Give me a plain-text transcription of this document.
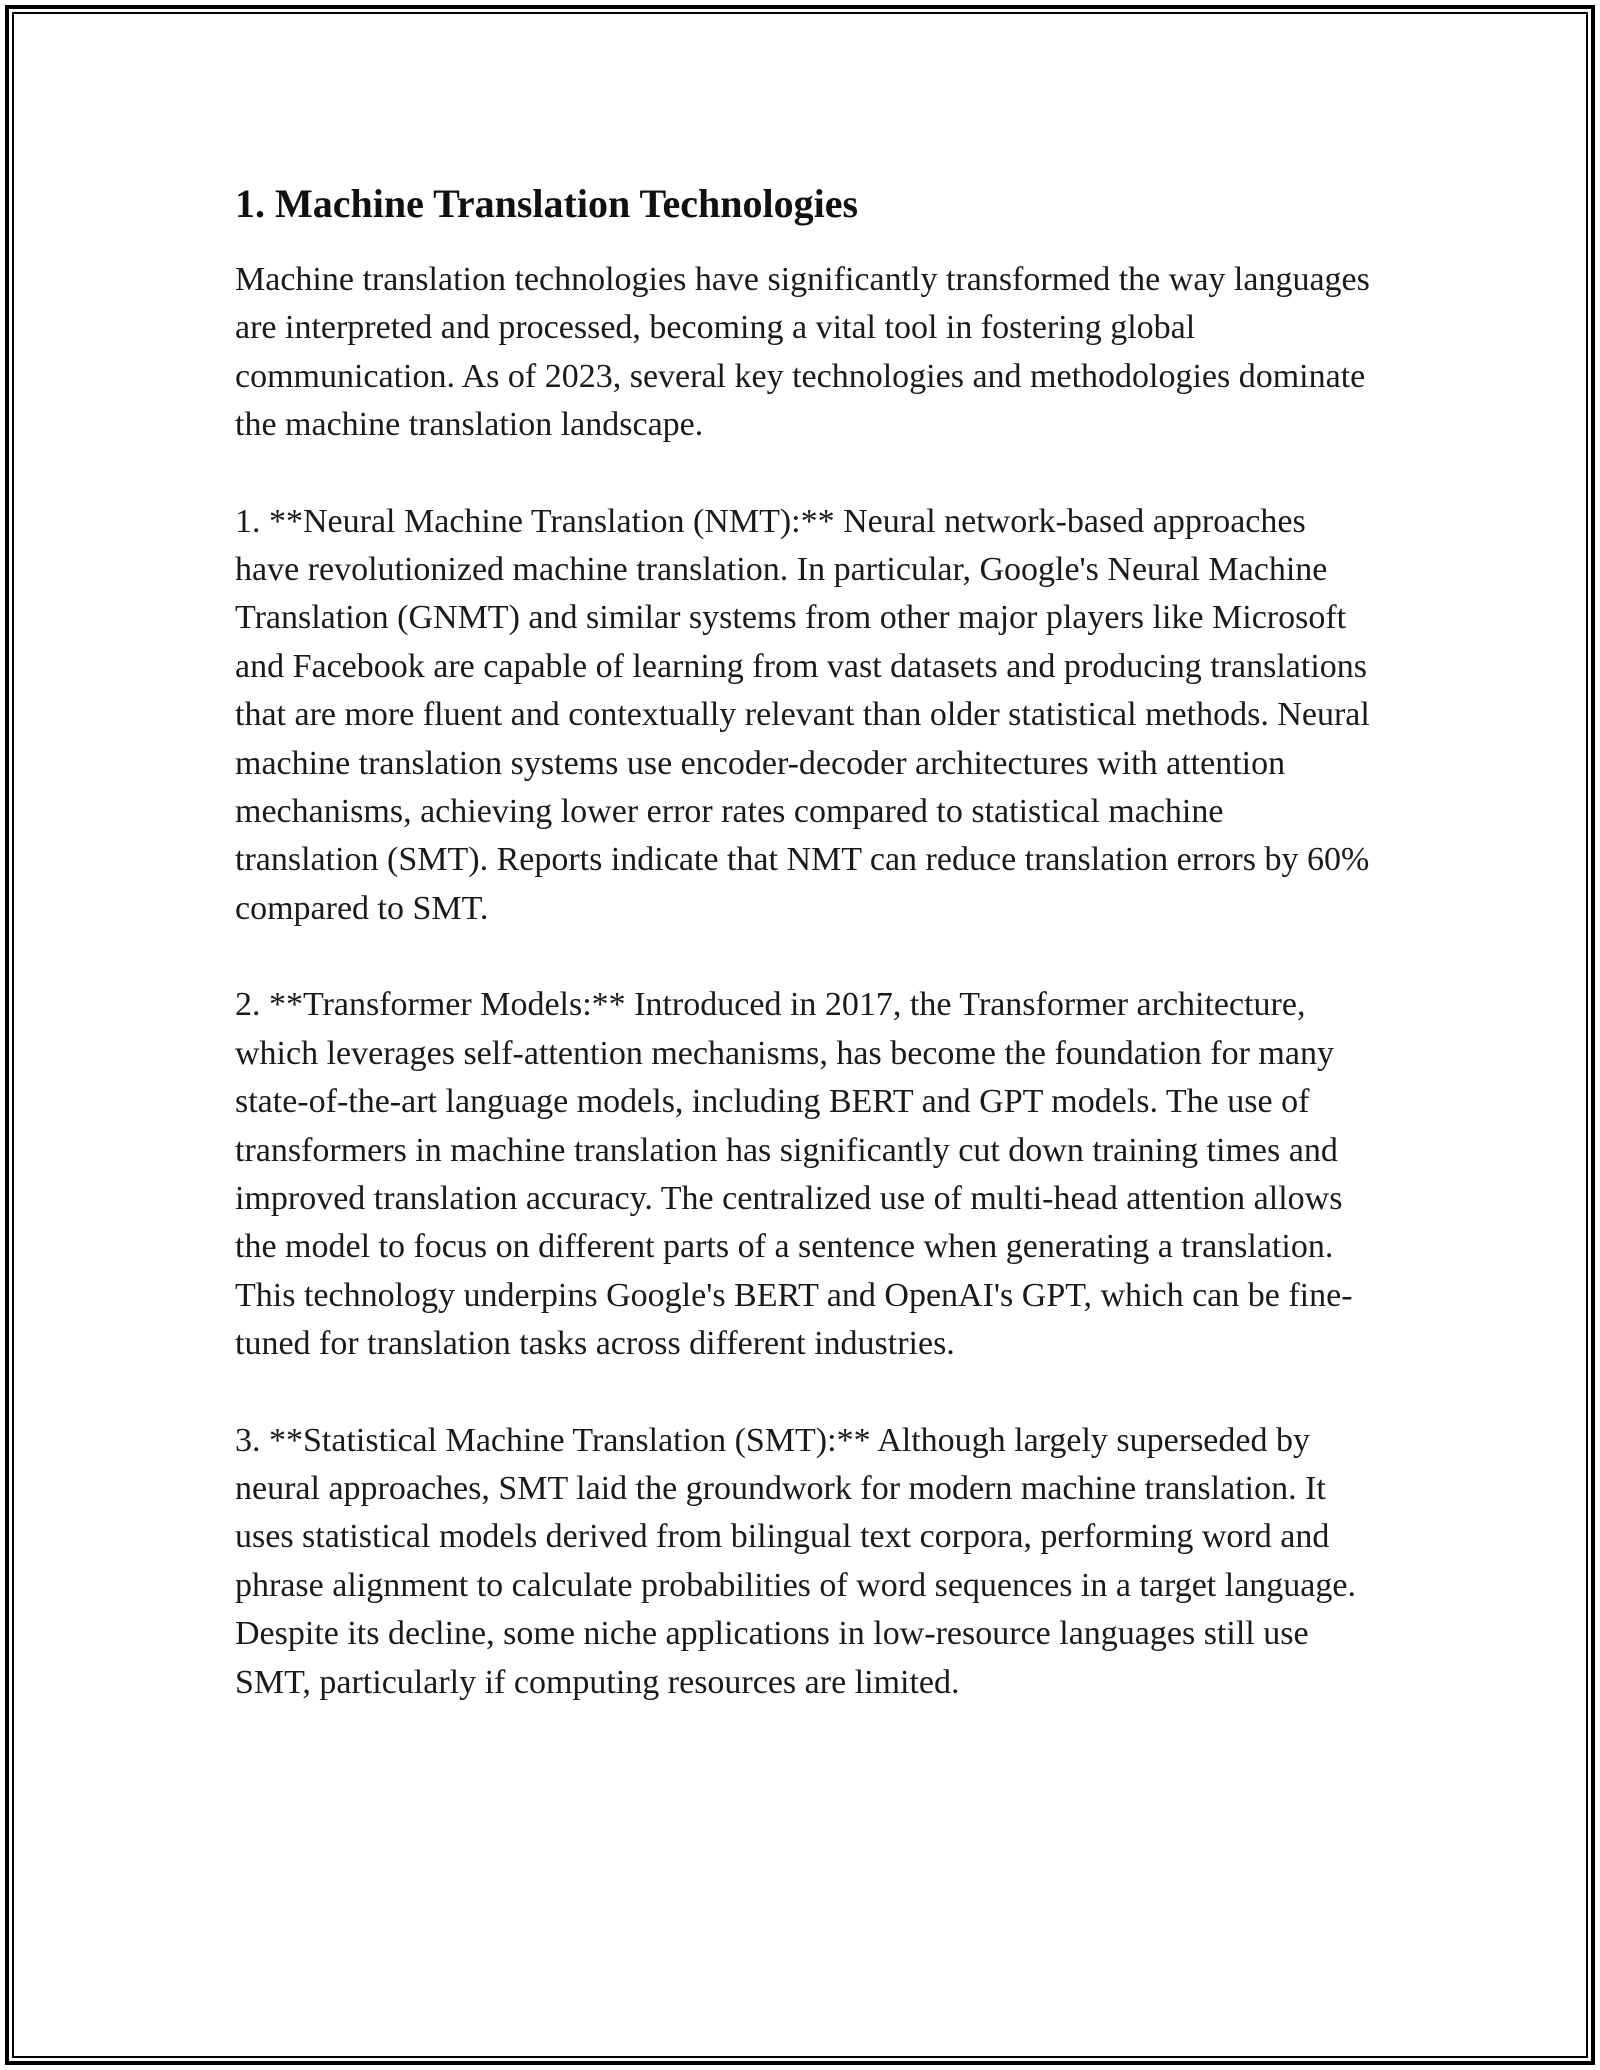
1. Machine Translation Technologies

Machine translation technologies have significantly transformed the way languages are interpreted and processed, becoming a vital tool in fostering global communication. As of 2023, several key technologies and methodologies dominate the machine translation landscape.

1. **Neural Machine Translation (NMT):** Neural network-based approaches have revolutionized machine translation. In particular, Google's Neural Machine Translation (GNMT) and similar systems from other major players like Microsoft and Facebook are capable of learning from vast datasets and producing translations that are more fluent and contextually relevant than older statistical methods. Neural machine translation systems use encoder-decoder architectures with attention mechanisms, achieving lower error rates compared to statistical machine translation (SMT). Reports indicate that NMT can reduce translation errors by 60% compared to SMT.

2. **Transformer Models:** Introduced in 2017, the Transformer architecture, which leverages self-attention mechanisms, has become the foundation for many state-of-the-art language models, including BERT and GPT models. The use of transformers in machine translation has significantly cut down training times and improved translation accuracy. The centralized use of multi-head attention allows the model to focus on different parts of a sentence when generating a translation. This technology underpins Google's BERT and OpenAI's GPT, which can be fine-tuned for translation tasks across different industries.

3. **Statistical Machine Translation (SMT):** Although largely superseded by neural approaches, SMT laid the groundwork for modern machine translation. It uses statistical models derived from bilingual text corpora, performing word and phrase alignment to calculate probabilities of word sequences in a target language. Despite its decline, some niche applications in low-resource languages still use SMT, particularly if computing resources are limited.
